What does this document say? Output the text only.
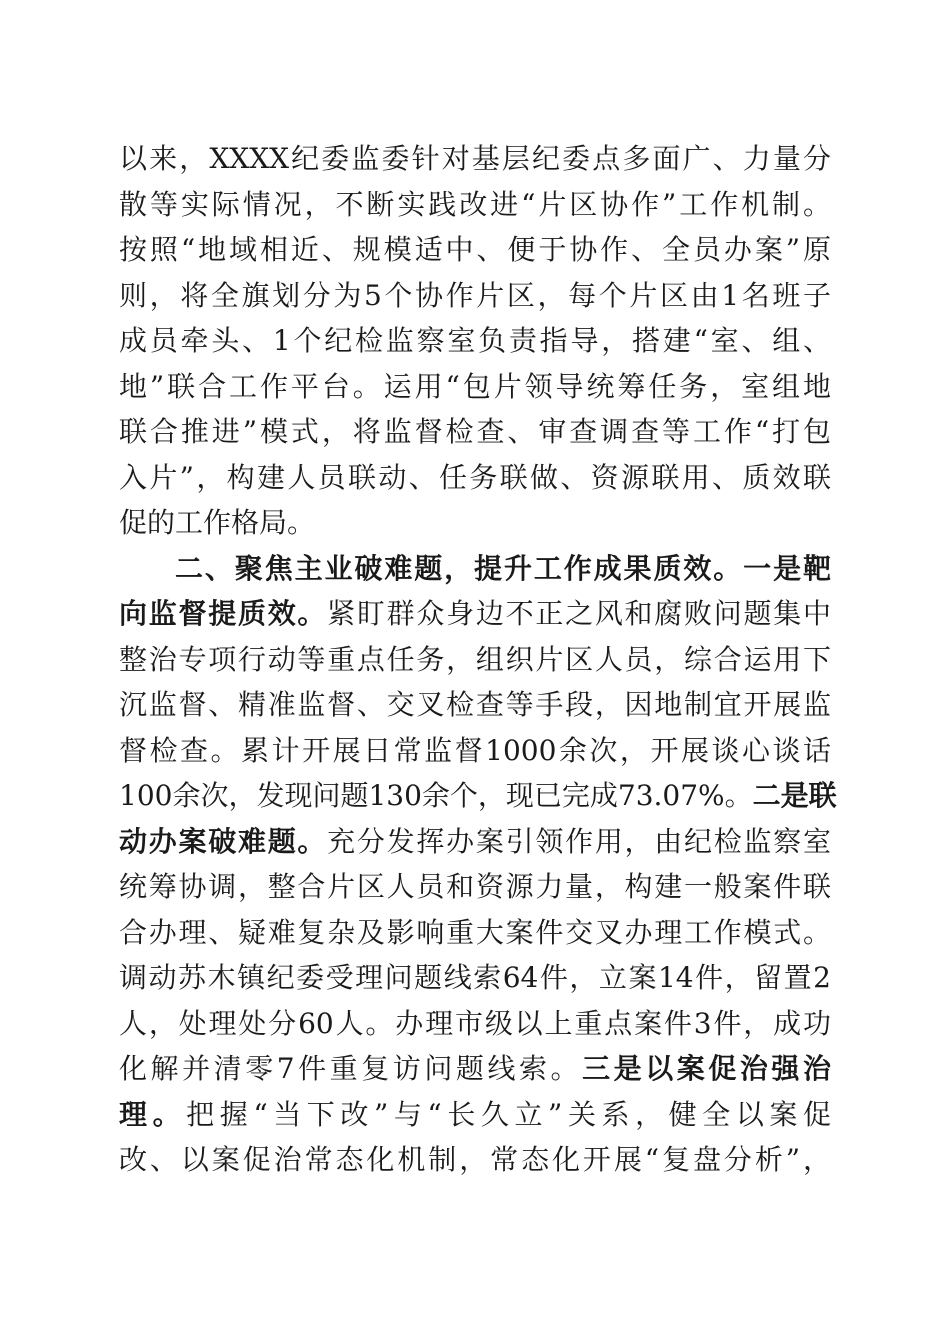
以来，XXXX纪委监委针对基层纪委点多面广、力量分
散等实际情况，不断实践改进“片区协作”工作机制。
按照“地域相近、规模适中、便于协作、全员办案”原
则，将全旗划分为5个协作片区，每个片区由1名班子
成员牵头、1个纪检监察室负责指导，搭建“室、组、
地”联合工作平台。运用“包片领导统筹任务，室组地
联合推进”模式，将监督检查、审查调查等工作“打包
入片”，构建人员联动、任务联做、资源联用、质效联
促的工作格局。
二、聚焦主业破难题，提升工作成果质效。一是靶
向监督提质效。紧盯群众身边不正之风和腐败问题集中
整治专项行动等重点任务，组织片区人员，综合运用下
沉监督、精准监督、交叉检查等手段，因地制宜开展监
督检查。累计开展日常监督1000余次，开展谈心谈话
100余次，发现问题130余个，现已完成73.07%。二是联
动办案破难题。充分发挥办案引领作用，由纪检监察室
统筹协调，整合片区人员和资源力量，构建一般案件联
合办理、疑难复杂及影响重大案件交叉办理工作模式。
调动苏木镇纪委受理问题线索64件，立案14件，留置2
人，处理处分60人。办理市级以上重点案件3件，成功
化解并清零7件重复访问题线索。三是以案促治强治
理。把握“当下改”与“长久立”关系，健全以案促
改、以案促治常态化机制，常态化开展“复盘分析”，
